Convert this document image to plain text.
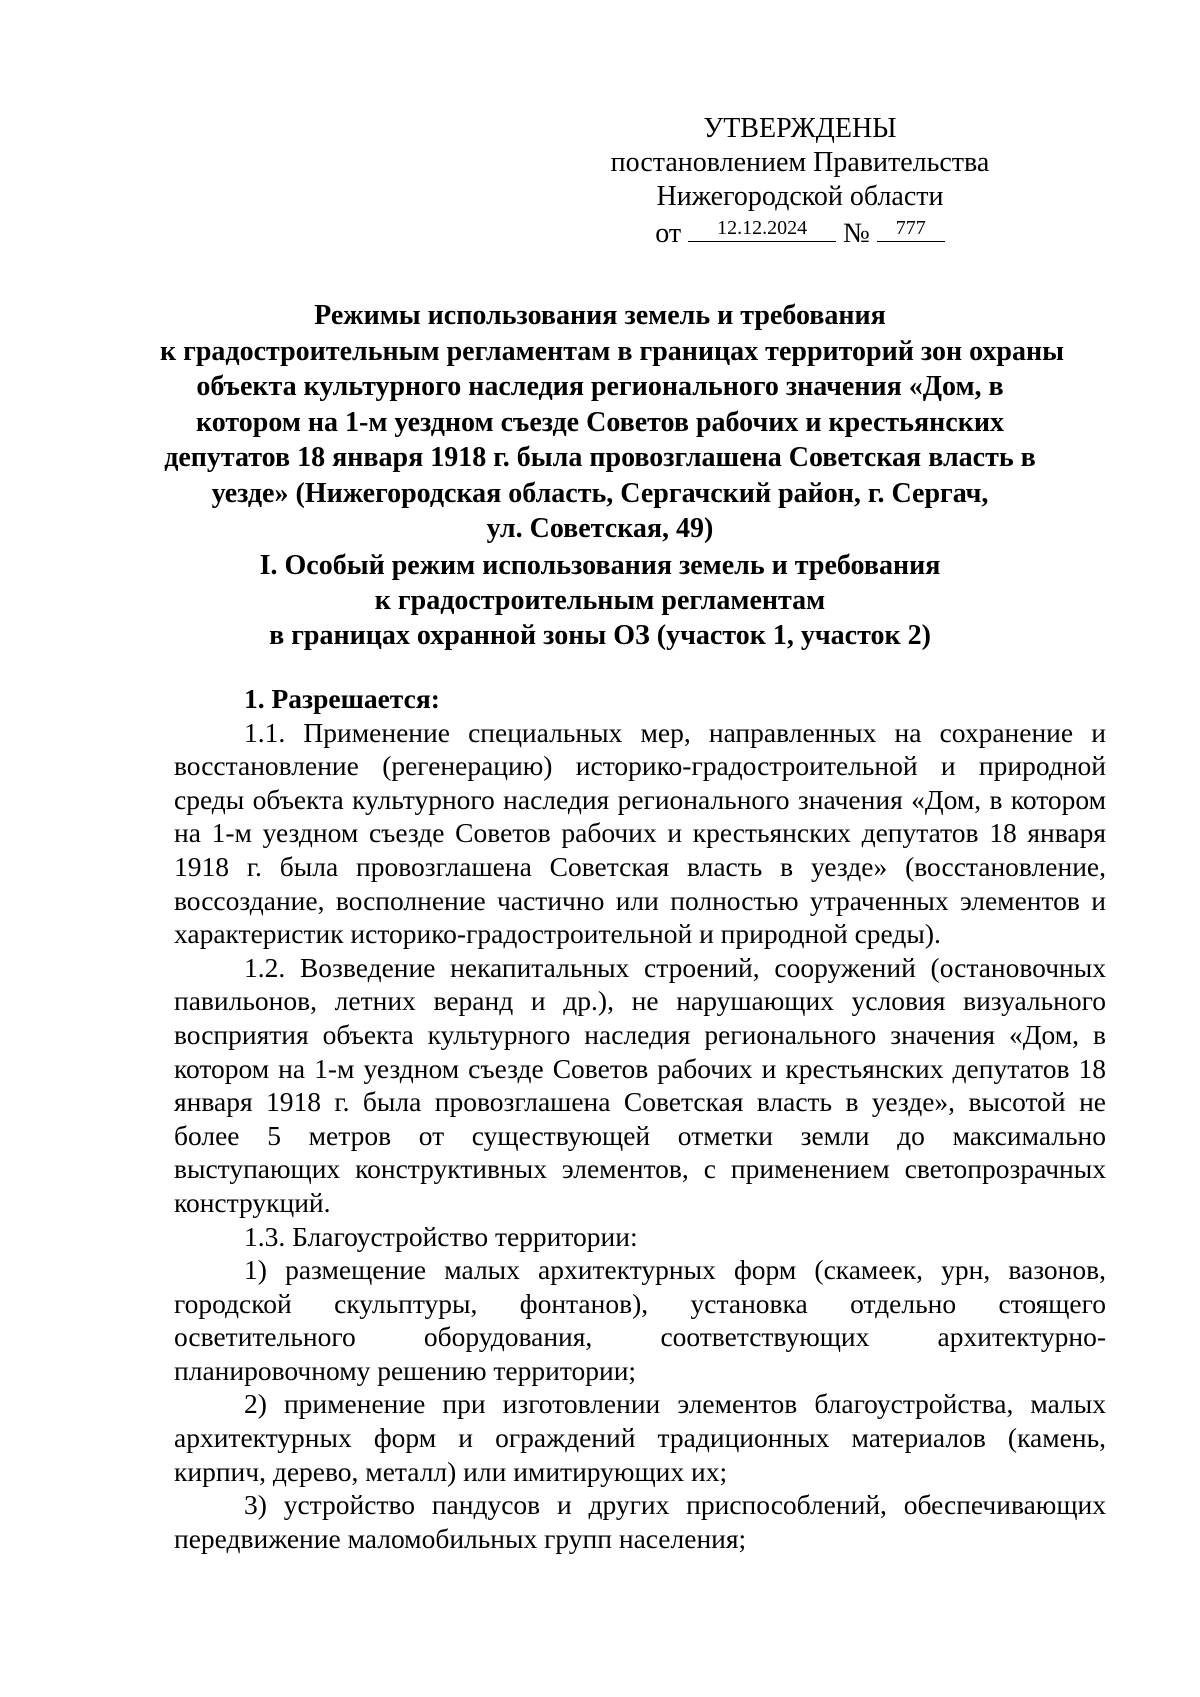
УТВЕРЖДЕНЫ
постановлением Правительства
Нижегородской области
от	12.12.2024	№	777
Режимы использования земель и требования
к градостроительным регламентам в границах территорий зон охраны
объекта культурного наследия регионального значения «Дом, в
котором на 1-м уездном съезде Советов рабочих и крестьянских
депутатов 18 января 1918 г. была провозглашена Советская власть в
уезде» (Нижегородская область, Сергачский район, г. Сергач,
ул. Советская, 49)
I. Особый режим использования земель и требования
к градостроительным регламентам
в границах охранной зоны ОЗ (участок 1, участок 2)

1. Разрешается:

1.1. Применение специальных мер, направленных на сохранение и восстановление (регенерацию) историко-градостроительной и природной среды объекта культурного наследия регионального значения «Дом, в котором на 1-м уездном съезде Советов рабочих и крестьянских депутатов 18 января 1918 г. была провозглашена Советская власть в уезде» (восстановление, воссоздание, восполнение частично или полностью утраченных элементов и характеристик историко-градостроительной и природной среды).

1.2. Возведение некапитальных строений, сооружений (остановочных павильонов, летних веранд и др.), не нарушающих условия визуального восприятия объекта культурного наследия регионального значения «Дом, в котором на 1-м уездном съезде Советов рабочих и крестьянских депутатов 18 января 1918 г. была провозглашена Советская власть в уезде», высотой не более 5 метров от существующей отметки земли до максимально выступающих конструктивных элементов, с применением светопрозрачных конструкций.

1.3. Благоустройство территории:

1) размещение малых архитектурных форм (скамеек, урн, вазонов, городской скульптуры, фонтанов), установка отдельно стоящего осветительного оборудования, соответствующих архитектурно-планировочному решению территории;

2) применение при изготовлении элементов благоустройства, малых архитектурных форм и ограждений традиционных материалов (камень, кирпич, дерево, металл) или имитирующих их;

3) устройство пандусов и других приспособлений, обеспечивающих передвижение маломобильных групп населения;
